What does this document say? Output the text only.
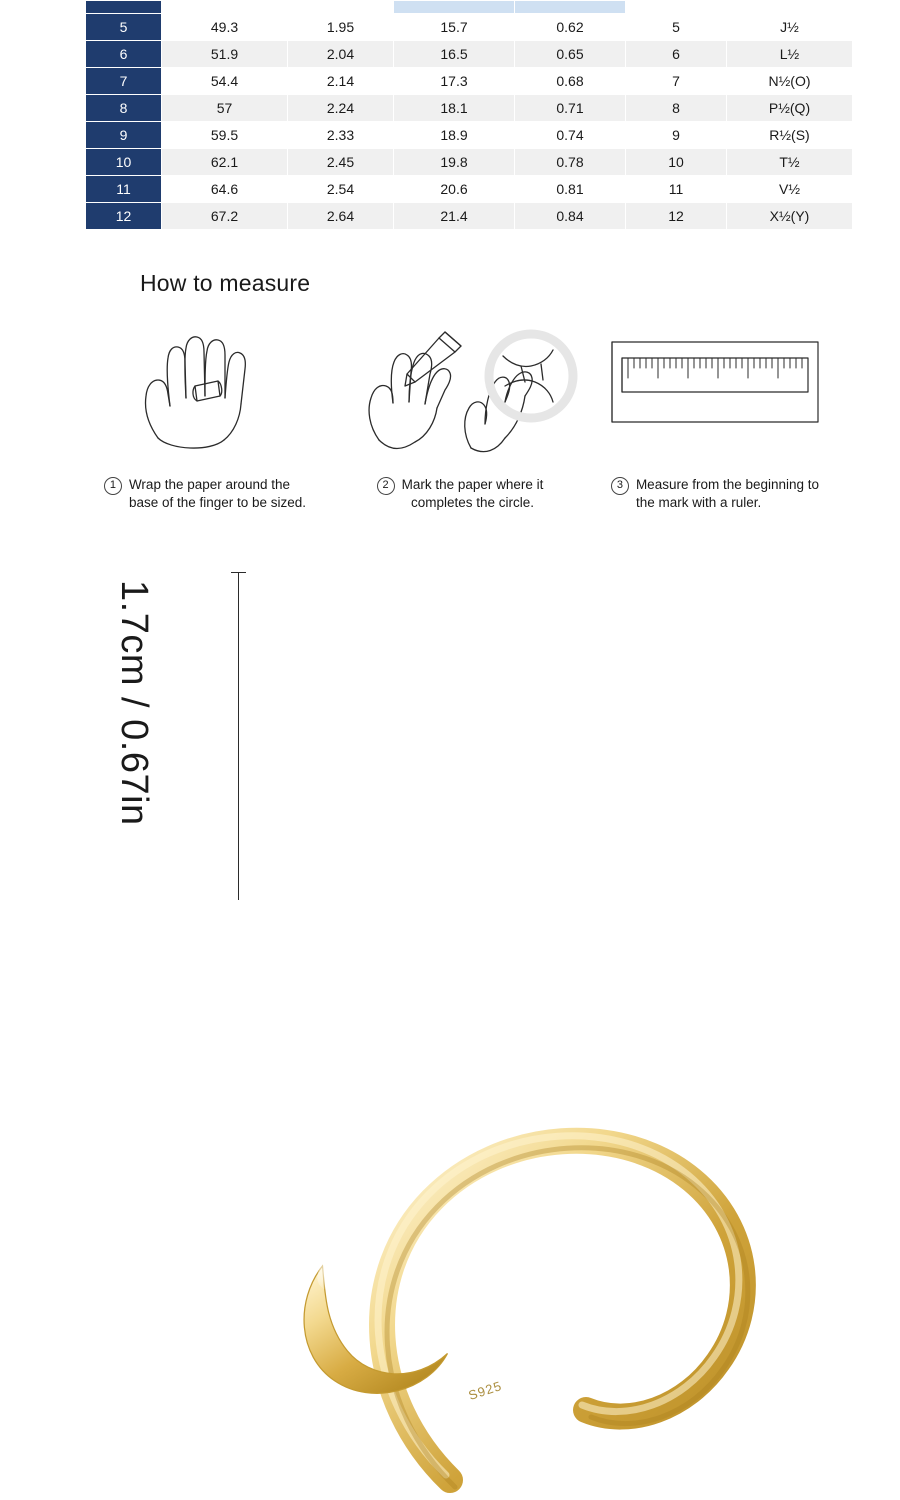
5	49.3	1.95	15.7	0.62	5	J½
6	51.9	2.04	16.5	0.65	6	L½
7	54.4	2.14	17.3	0.68	7	N½(O)
8	57	2.24	18.1	0.71	8	P½(Q)
9	59.5	2.33	18.9	0.74	9	R½(S)
10	62.1	2.45	19.8	0.78	10	T½
11	64.6	2.54	20.6	0.81	11	V½
12	67.2	2.64	21.4	0.84	12	X½(Y)
How to measure
1 Wrap the paper around the
base of the finger to be sized.
2 Mark the paper where it
completes the circle.
3 Measure from the beginning to
the mark with a ruler.
S925
1.7cm / 0.67in
